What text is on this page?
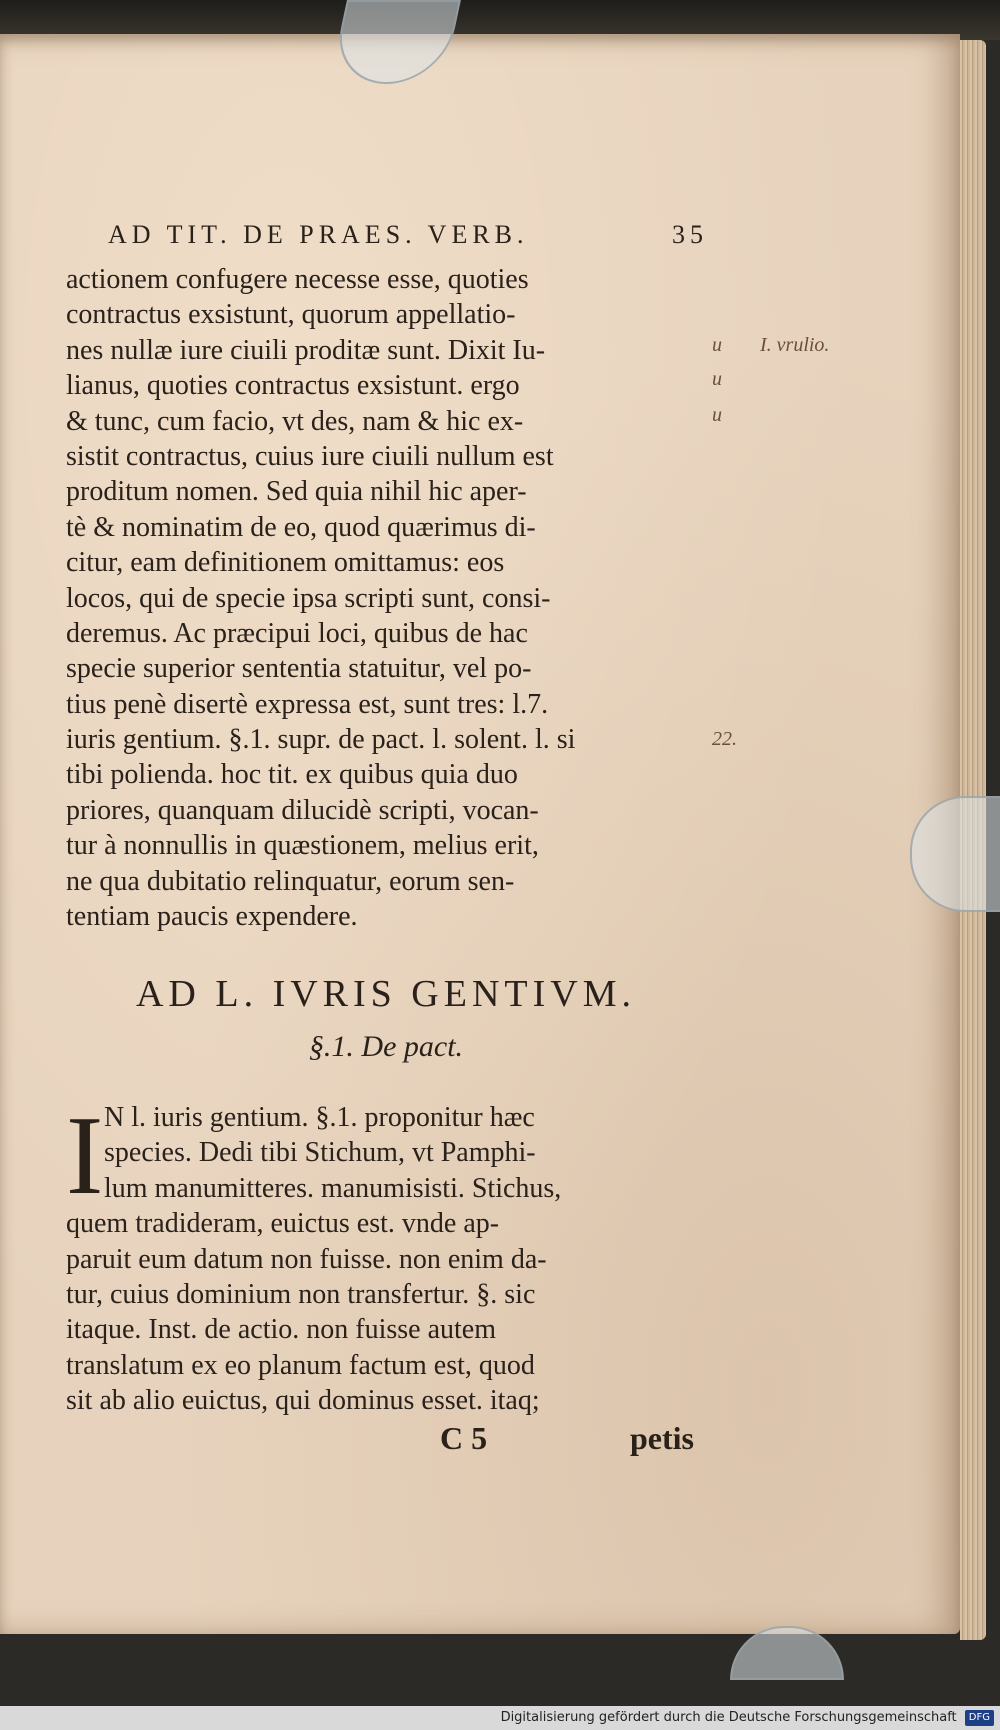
AD TIT. DE PRAES. VERB.	35
actionem confugere necesse esse, quoties
contractus exsistunt, quorum appellatio-
nes nullæ iure ciuili proditæ sunt. Dixit Iu-
lianus, quoties contractus exsistunt. ergo
& tunc, cum facio, vt des, nam & hic ex-
sistit contractus, cuius iure ciuili nullum est
proditum nomen. Sed quia nihil hic aper-
tè & nominatim de eo, quod quærimus di-
citur, eam definitionem omittamus: eos
locos, qui de specie ipsa scripti sunt, consi-
deremus. Ac præcipui loci, quibus de hac
specie superior sententia statuitur, vel po-
tius penè disertè expressa est, sunt tres: l.7.
iuris gentium. §.1. supr. de pact. l. solent. l. si
tibi polienda. hoc tit. ex quibus quia duo
priores, quanquam dilucidè scripti, vocan-
tur à nonnullis in quæstionem, melius erit,
ne qua dubitatio relinquatur, eorum sen-
tentiam paucis expendere.
AD L. IVRIS GENTIVM.
§.1. De pact.
I N l. iuris gentium. §.1. proponitur hæc
species. Dedi tibi Stichum, vt Pamphi-
lum manumitteres. manumisisti. Stichus,
quem tradideram, euictus est. vnde ap-
paruit eum datum non fuisse. non enim da-
tur, cuius dominium non transfertur. §. sic
itaque. Inst. de actio. non fuisse autem
translatum ex eo planum factum est, quod
sit ab alio euictus, qui dominus esset. itaq;
C 5	petis
u I. vrulio.
u
u
22.
Digitalisierung gefördert durch die Deutsche Forschungsgemeinschaft DFG
